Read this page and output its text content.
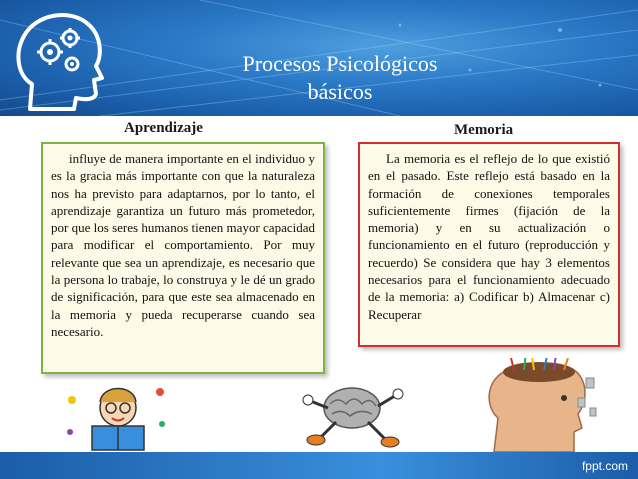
Procesos Psicológicos
básicos
Aprendizaje	Memoria

influye de manera importante en el individuo y es la gracia más importante con que la naturaleza nos ha previsto para adaptarnos, por lo tanto, el aprendizaje garantiza un futuro más prometedor, por que los seres humanos tienen mayor capacidad para modificar el comportamiento. Por muy relevante que sea un aprendizaje, es necesario que la persona lo trabaje, lo construya y le dé un grado de significación, para que este sea almacenado en la memoria y pueda recuperarse cuando sea necesario.

La memoria es el reflejo de lo que existió en el pasado. Este reflejo está basado en la formación de conexiones temporales suficientemente firmes (fijación de la memoria) y en su actualización o funcionamiento en el futuro (reproducción y recuerdo) Se considera que hay 3 elementos necesarios para el funcionamiento adecuado de la memoria: a) Codificar b) Almacenar c) Recuperar

fppt.com
